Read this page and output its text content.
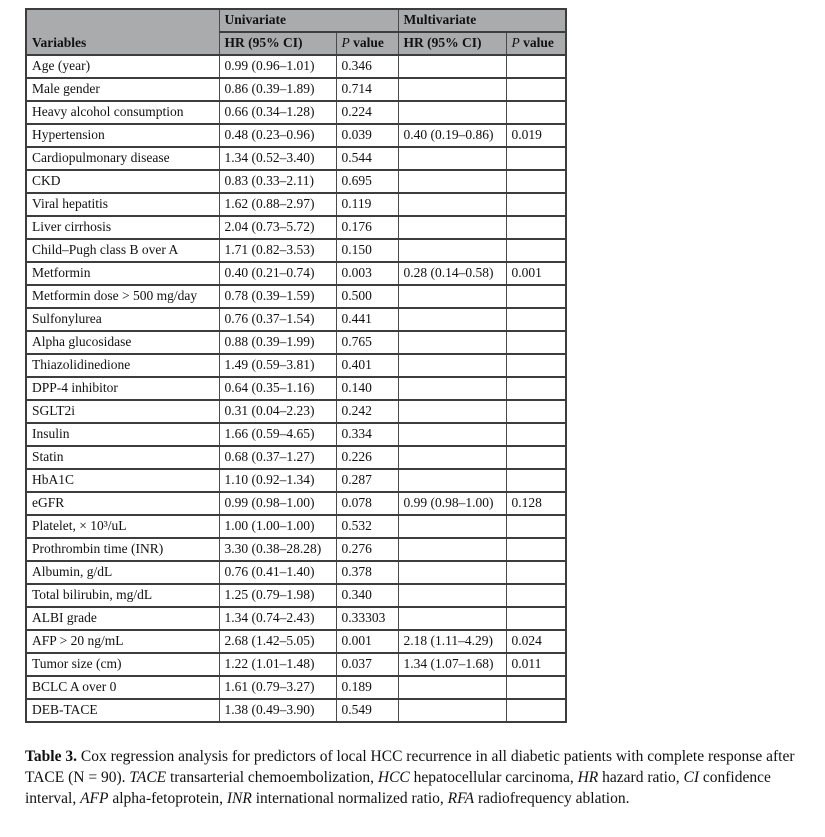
Variables	Univariate		Multivariate	
	HR (95% CI)	P value	HR (95% CI)	P value
Age (year)	0.99 (0.96–1.01)	0.346		
Male gender	0.86 (0.39–1.89)	0.714		
Heavy alcohol consumption	0.66 (0.34–1.28)	0.224		
Hypertension	0.48 (0.23–0.96)	0.039	0.40 (0.19–0.86)	0.019
Cardiopulmonary disease	1.34 (0.52–3.40)	0.544		
CKD	0.83 (0.33–2.11)	0.695		
Viral hepatitis	1.62 (0.88–2.97)	0.119		
Liver cirrhosis	2.04 (0.73–5.72)	0.176		
Child–Pugh class B over A	1.71 (0.82–3.53)	0.150		
Metformin	0.40 (0.21–0.74)	0.003	0.28 (0.14–0.58)	0.001
Metformin dose > 500 mg/day	0.78 (0.39–1.59)	0.500		
Sulfonylurea	0.76 (0.37–1.54)	0.441		
Alpha glucosidase	0.88 (0.39–1.99)	0.765		
Thiazolidinedione	1.49 (0.59–3.81)	0.401		
DPP-4 inhibitor	0.64 (0.35–1.16)	0.140		
SGLT2i	0.31 (0.04–2.23)	0.242		
Insulin	1.66 (0.59–4.65)	0.334		
Statin	0.68 (0.37–1.27)	0.226		
HbA1C	1.10 (0.92–1.34)	0.287		
eGFR	0.99 (0.98–1.00)	0.078	0.99 (0.98–1.00)	0.128
Platelet, × 10³/uL	1.00 (1.00–1.00)	0.532		
Prothrombin time (INR)	3.30 (0.38–28.28)	0.276		
Albumin, g/dL	0.76 (0.41–1.40)	0.378		
Total bilirubin, mg/dL	1.25 (0.79–1.98)	0.340		
ALBI grade	1.34 (0.74–2.43)	0.33303		
AFP > 20 ng/mL	2.68 (1.42–5.05)	0.001	2.18 (1.11–4.29)	0.024
Tumor size (cm)	1.22 (1.01–1.48)	0.037	1.34 (1.07–1.68)	0.011
BCLC A over 0	1.61 (0.79–3.27)	0.189		
DEB-TACE	1.38 (0.49–3.90)	0.549		

Table 3. Cox regression analysis for predictors of local HCC recurrence in all diabetic patients with complete response after TACE (N = 90). TACE transarterial chemoembolization, HCC hepatocellular carcinoma, HR hazard ratio, CI confidence interval, AFP alpha-fetoprotein, INR international normalized ratio, RFA radiofrequency ablation.
